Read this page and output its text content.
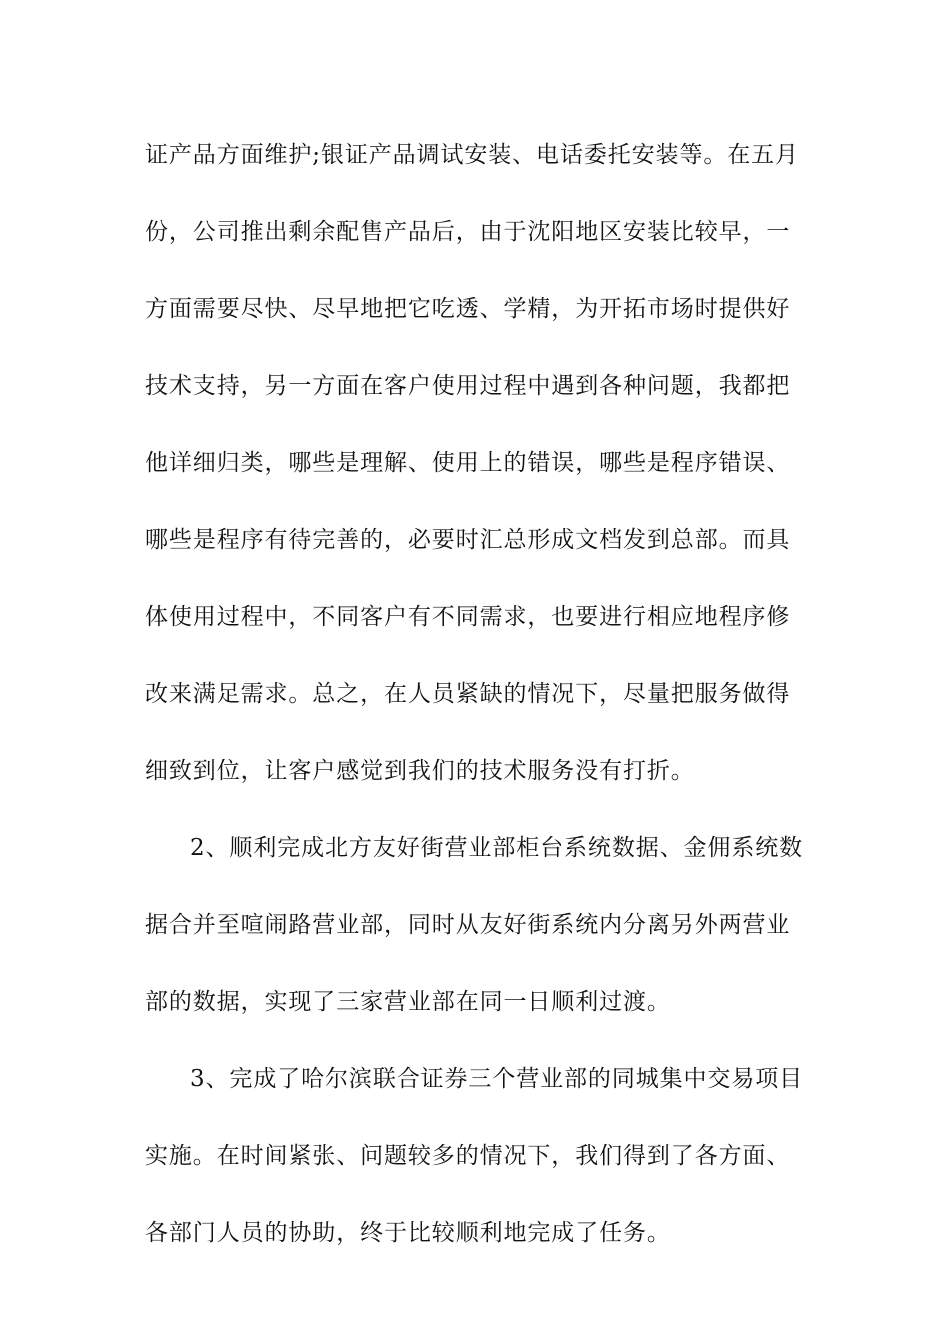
证产品方面维护;银证产品调试安装、电话委托安装等。在五月
份，公司推出剩余配售产品后，由于沈阳地区安装比较早，一
方面需要尽快、尽早地把它吃透、学精，为开拓市场时提供好
技术支持，另一方面在客户使用过程中遇到各种问题，我都把
他详细归类，哪些是理解、使用上的错误，哪些是程序错误、
哪些是程序有待完善的，必要时汇总形成文档发到总部。而具
体使用过程中，不同客户有不同需求，也要进行相应地程序修
改来满足需求。总之，在人员紧缺的情况下，尽量把服务做得
细致到位，让客户感觉到我们的技术服务没有打折。
2、顺利完成北方友好街营业部柜台系统数据、金佣系统数
据合并至喧闹路营业部，同时从友好街系统内分离另外两营业
部的数据，实现了三家营业部在同一日顺利过渡。
3、完成了哈尔滨联合证券三个营业部的同城集中交易项目
实施。在时间紧张、问题较多的情况下，我们得到了各方面、
各部门人员的协助，终于比较顺利地完成了任务。
